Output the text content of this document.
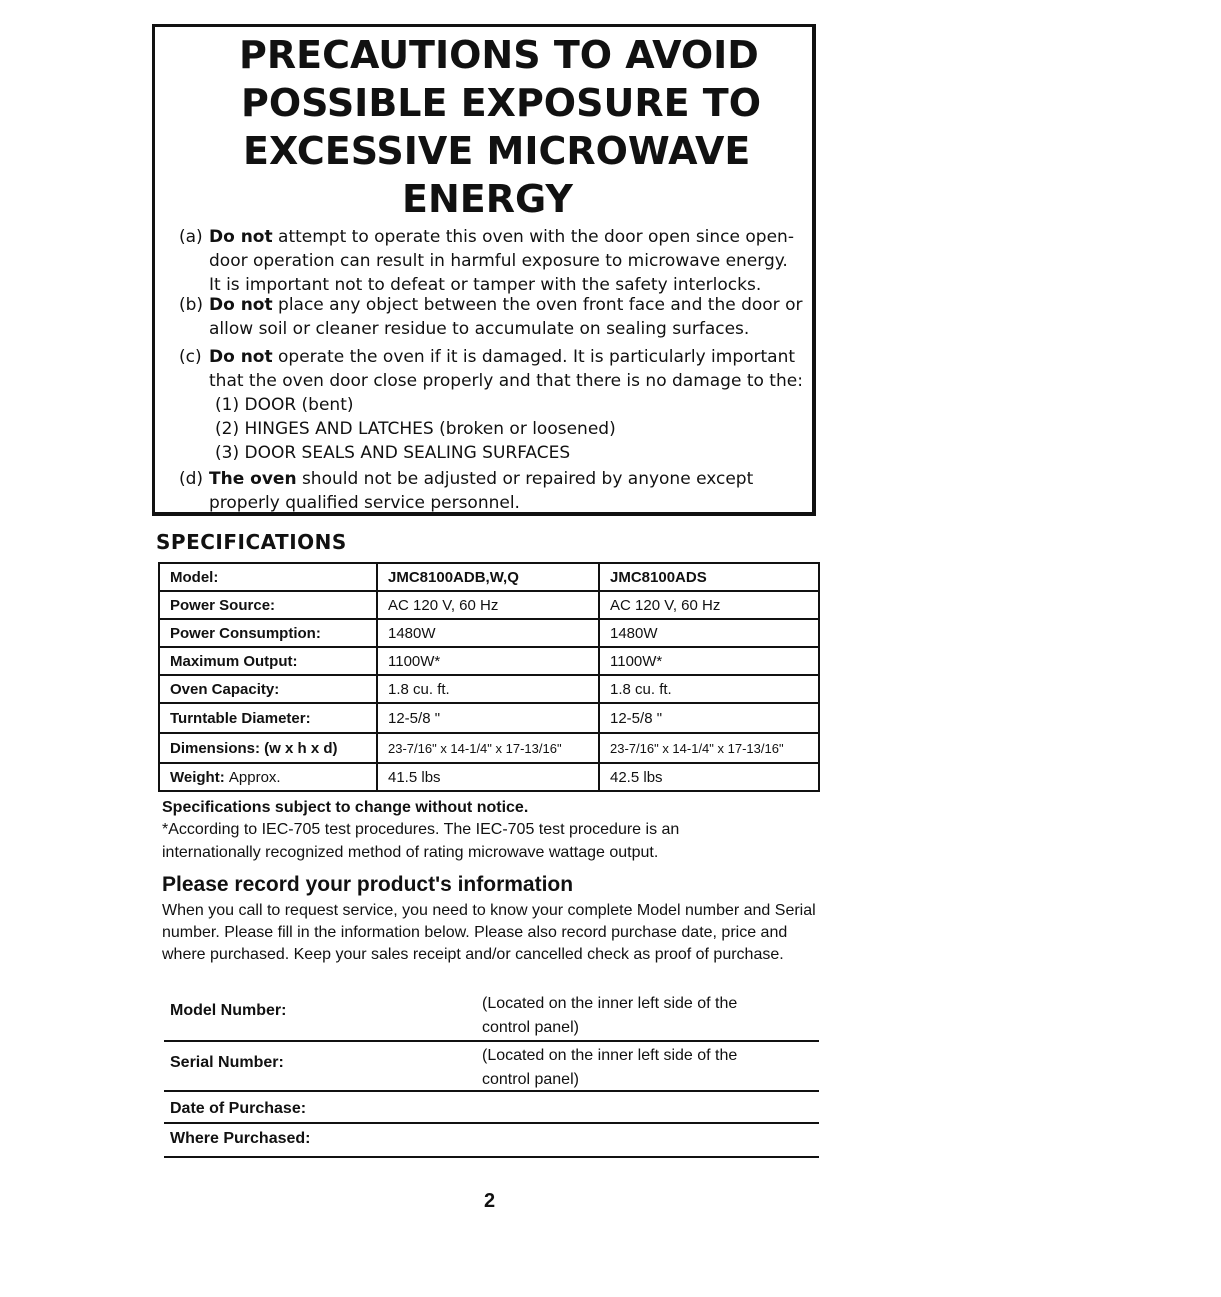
PRECAUTIONS TO AVOID
POSSIBLE EXPOSURE TO
EXCESSIVE MICROWAVE
ENERGY
(a) Do not attempt to operate this oven with the door open since open-
door operation can result in harmful exposure to microwave energy.
It is important not to defeat or tamper with the safety interlocks.
(b) Do not place any object between the oven front face and the door or
allow soil or cleaner residue to accumulate on sealing surfaces.
(c) Do not operate the oven if it is damaged. It is particularly important
that the oven door close properly and that there is no damage to the:
(1) DOOR (bent)
(2) HINGES AND LATCHES (broken or loosened)
(3) DOOR SEALS AND SEALING SURFACES
(d) The oven should not be adjusted or repaired by anyone except
properly qualified service personnel.
SPECIFICATIONS
Model:	JMC8100ADB,W,Q	JMC8100ADS
Power Source:	AC 120 V, 60 Hz	AC 120 V, 60 Hz
Power Consumption:	1480W	1480W
Maximum Output:	1100W*	1100W*
Oven Capacity:	1.8 cu. ft.	1.8 cu. ft.
Turntable Diameter:	12-5/8 "	12-5/8 "
Dimensions: (w x h x d)	23-7/16" x 14-1/4" x 17-13/16"	23-7/16" x 14-1/4" x 17-13/16"
Weight: Approx.	41.5 lbs	42.5 lbs
Specifications subject to change without notice.
*According to IEC-705 test procedures. The IEC-705 test procedure is an
internationally recognized method of rating microwave wattage output.
Please record your product's information
When you call to request service, you need to know your complete Model number and Serial number. Please fill in the information below. Please also record purchase date, price and where purchased. Keep your sales receipt and/or cancelled check as proof of purchase.
Model Number:	(Located on the inner left side of the
control panel)
Serial Number:	(Located on the inner left side of the
control panel)
Date of Purchase:
Where Purchased:
2
